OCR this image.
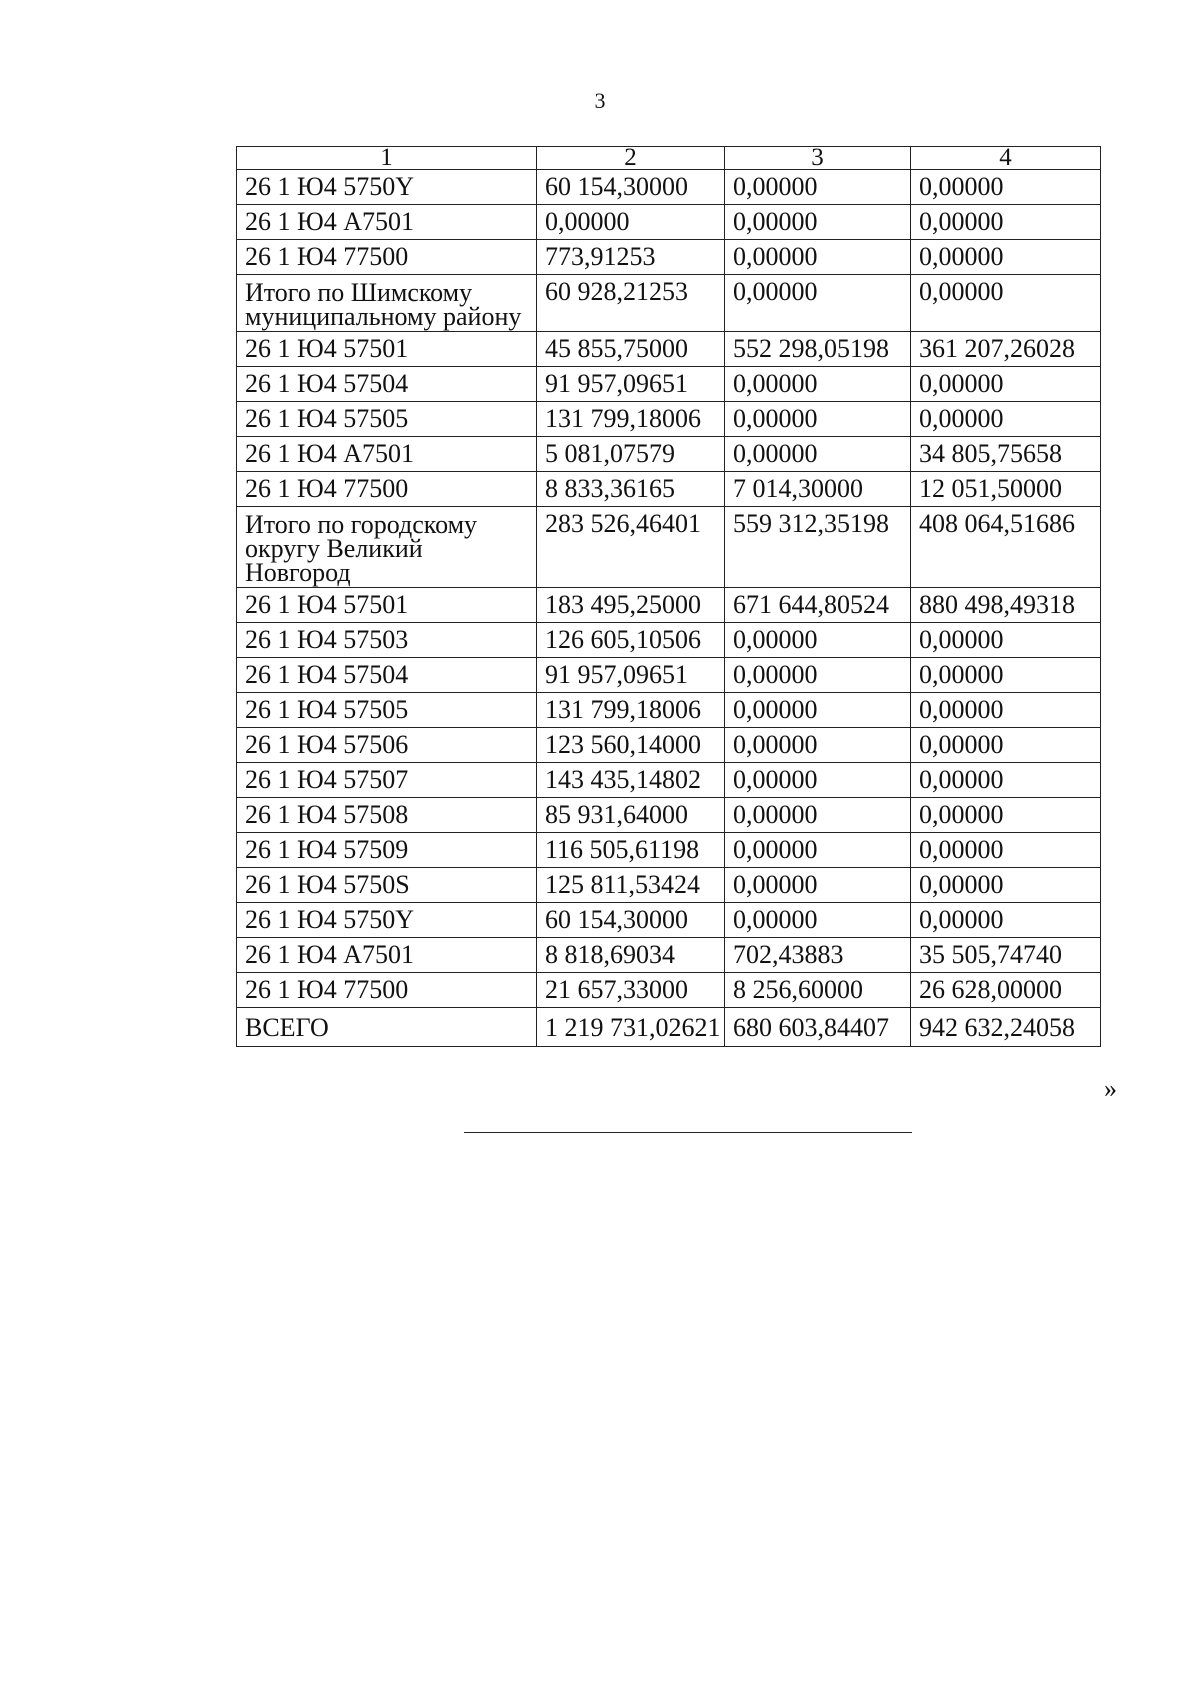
3
1	2	3	4
26 1 Ю4 5750Y	60 154,30000	0,00000	0,00000
26 1 Ю4 А7501	0,00000	0,00000	0,00000
26 1 Ю4 77500	773,91253	0,00000	0,00000
Итого по Шимскому муниципальному району	60 928,21253	0,00000	0,00000
26 1 Ю4 57501	45 855,75000	552 298,05198	361 207,26028
26 1 Ю4 57504	91 957,09651	0,00000	0,00000
26 1 Ю4 57505	131 799,18006	0,00000	0,00000
26 1 Ю4 А7501	5 081,07579	0,00000	34 805,75658
26 1 Ю4 77500	8 833,36165	7 014,30000	12 051,50000
Итого по городскому округу Великий Новгород	283 526,46401	559 312,35198	408 064,51686
26 1 Ю4 57501	183 495,25000	671 644,80524	880 498,49318
26 1 Ю4 57503	126 605,10506	0,00000	0,00000
26 1 Ю4 57504	91 957,09651	0,00000	0,00000
26 1 Ю4 57505	131 799,18006	0,00000	0,00000
26 1 Ю4 57506	123 560,14000	0,00000	0,00000
26 1 Ю4 57507	143 435,14802	0,00000	0,00000
26 1 Ю4 57508	85 931,64000	0,00000	0,00000
26 1 Ю4 57509	116 505,61198	0,00000	0,00000
26 1 Ю4 5750S	125 811,53424	0,00000	0,00000
26 1 Ю4 5750Y	60 154,30000	0,00000	0,00000
26 1 Ю4 А7501	8 818,69034	702,43883	35 505,74740
26 1 Ю4 77500	21 657,33000	8 256,60000	26 628,00000
ВСЕГО	1 219 731,02621	680 603,84407	942 632,24058
»
